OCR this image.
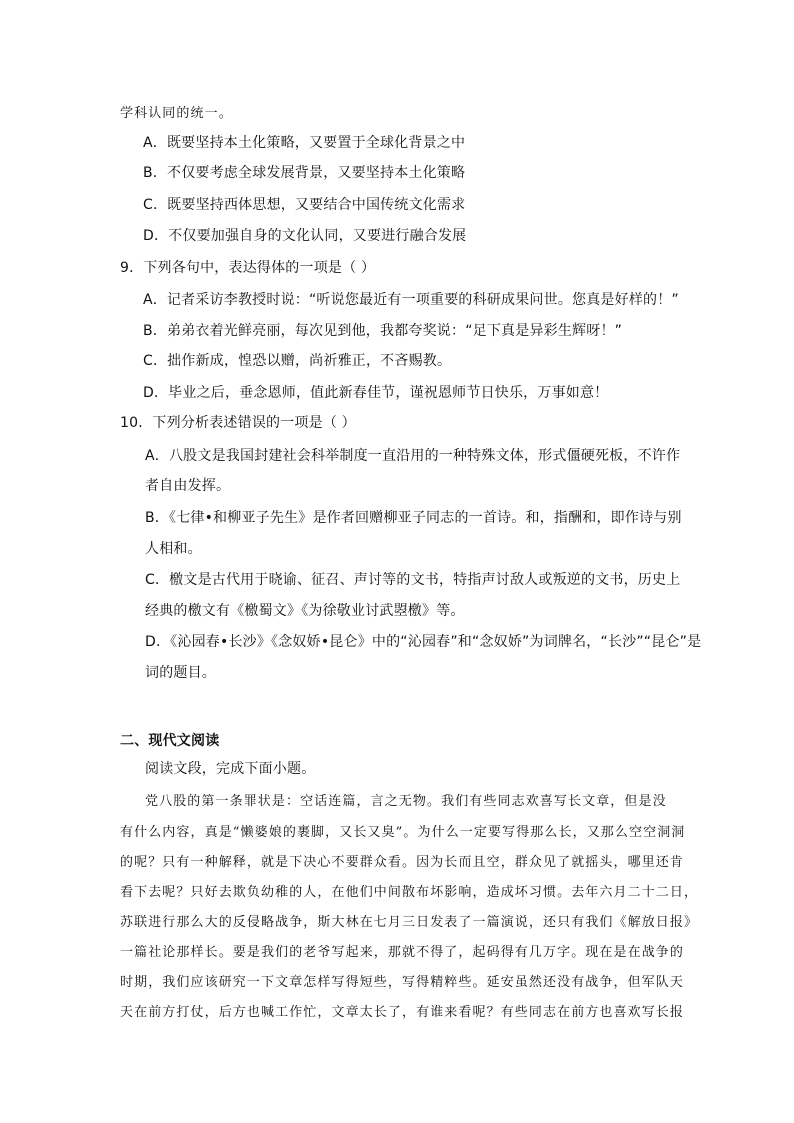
学科认同的统一。
A．既要坚持本土化策略，又要置于全球化背景之中
B．不仅要考虑全球发展背景，又要坚持本土化策略
C．既要坚持西体思想，又要结合中国传统文化需求
D．不仅要加强自身的文化认同，又要进行融合发展
9．下列各句中，表达得体的一项是（ ）
A．记者采访李教授时说：“听说您最近有一项重要的科研成果问世。您真是好样的！”
B．弟弟衣着光鲜亮丽，每次见到他，我都夸奖说：“足下真是异彩生辉呀！”
C．拙作新成，惶恐以赠，尚祈雅正，不吝赐教。
D．毕业之后，垂念恩师，值此新春佳节，谨祝恩师节日快乐，万事如意！
10．下列分析表述错误的一项是（ ）
A．八股文是我国封建社会科举制度一直沿用的一种特殊文体，形式僵硬死板，不许作
者自由发挥。
B．《七律•和柳亚子先生》是作者回赠柳亚子同志的一首诗。和，指酬和，即作诗与别
人相和。
C．檄文是古代用于晓谕、征召、声讨等的文书，特指声讨敌人或叛逆的文书，历史上
经典的檄文有《檄蜀文》《为徐敬业讨武曌檄》等。
D．《沁园春•长沙》《念奴娇•昆仑》中的“沁园春”和“念奴娇”为词牌名，“长沙”“昆仑”是
词的题目。
二、现代文阅读
阅读文段，完成下面小题。
党八股的第一条罪状是：空话连篇，言之无物。我们有些同志欢喜写长文章，但是没
有什么内容，真是“懒婆娘的裹脚，又长又臭”。为什么一定要写得那么长，又那么空空洞洞
的呢？只有一种解释，就是下决心不要群众看。因为长而且空，群众见了就摇头，哪里还肯
看下去呢？只好去欺负幼稚的人，在他们中间散布坏影响，造成坏习惯。去年六月二十二日，
苏联进行那么大的反侵略战争，斯大林在七月三日发表了一篇演说，还只有我们《解放日报》
一篇社论那样长。要是我们的老爷写起来，那就不得了，起码得有几万字。现在是在战争的
时期，我们应该研究一下文章怎样写得短些，写得精粹些。延安虽然还没有战争，但军队天
天在前方打仗，后方也喊工作忙，文章太长了，有谁来看呢？有些同志在前方也喜欢写长报
